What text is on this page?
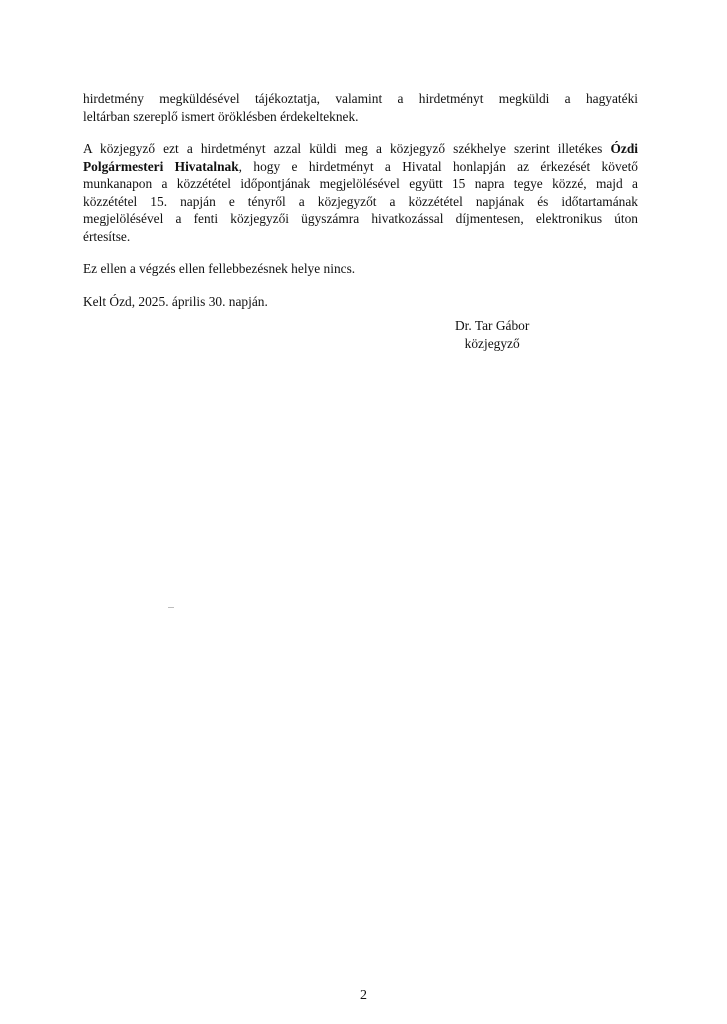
hirdetmény megküldésével tájékoztatja, valamint a hirdetményt megküldi a hagyatéki
leltárban szereplő ismert öröklésben érdekelteknek.

A közjegyző ezt a hirdetményt azzal küldi meg a közjegyző székhelye szerint illetékes Ózdi
Polgármesteri Hivatalnak, hogy e hirdetményt a Hivatal honlapján az érkezését követő
munkanapon a közzététel időpontjának megjelölésével együtt 15 napra tegye közzé, majd a
közzététel 15. napján e tényről a közjegyzőt a közzététel napjának és időtartamának
megjelölésével a fenti közjegyzői ügyszámra hivatkozással díjmentesen, elektronikus úton
értesítse.

Ez ellen a végzés ellen fellebbezésnek helye nincs.

Kelt Ózd, 2025. április 30. napján.

Dr. Tar Gábor
közjegyző
2
